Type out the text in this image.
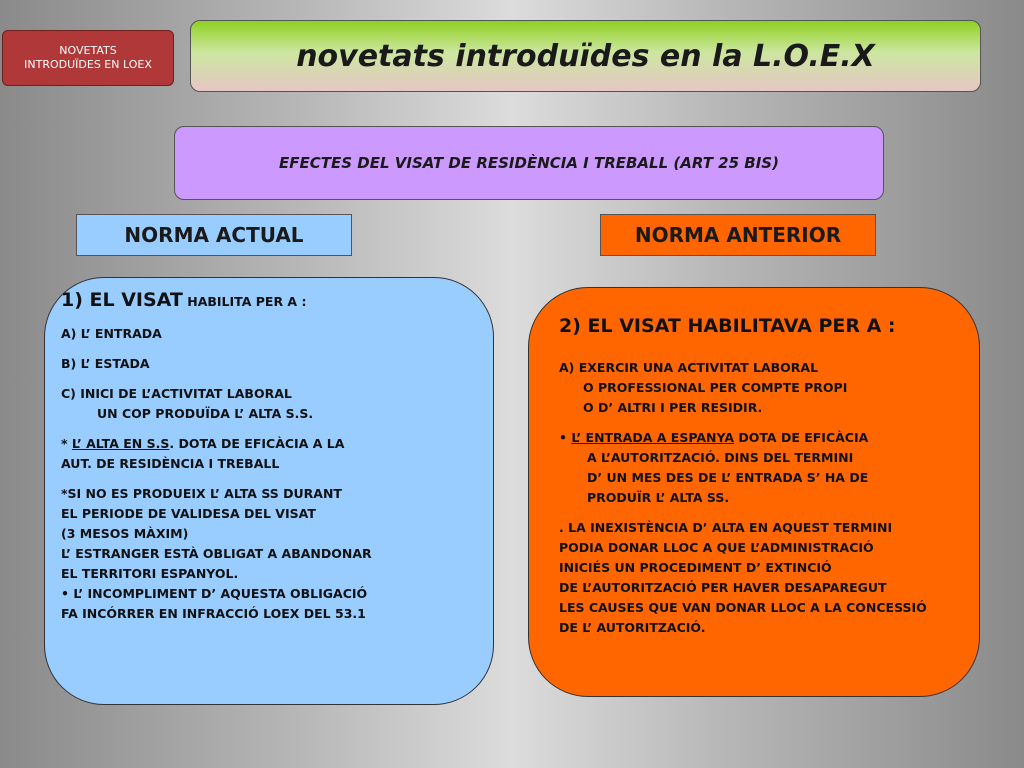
NOVETATS
INTRODUÏDES EN LOEX	novetats introduïdes en la L.O.E.X
EFECTES DEL VISAT DE RESIDÈNCIA I TREBALL (ART 25 BIS)
NORMA ACTUAL	NORMA ANTERIOR
1) EL VISAT HABILITA PER A :
A) L’ ENTRADA
B) L’ ESTADA
C) INICI DE L’ACTIVITAT LABORAL
UN COP PRODUÏDA L’ ALTA S.S.
* L’ ALTA EN S.S. DOTA DE EFICÀCIA A LA
AUT. DE RESIDÈNCIA I TREBALL
*SI NO ES PRODUEIX L’ ALTA SS DURANT
EL PERIODE DE VALIDESA DEL VISAT
(3 MESOS MÀXIM)
L’ ESTRANGER ESTÀ OBLIGAT A ABANDONAR
EL TERRITORI ESPANYOL.
• L’ INCOMPLIMENT D’ AQUESTA OBLIGACIÓ
FA INCÓRRER EN INFRACCIÓ LOEX DEL 53.1
2) EL VISAT HABILITAVA PER A :
A) EXERCIR UNA ACTIVITAT LABORAL
O PROFESSIONAL PER COMPTE PROPI
O D’ ALTRI I PER RESIDIR.
• L’ ENTRADA A ESPANYA DOTA DE EFICÀCIA
A L’AUTORITZACIÓ. DINS DEL TERMINI
D’ UN MES DES DE L’ ENTRADA S’ HA DE
PRODUÏR L’ ALTA SS.
. LA INEXISTÈNCIA D’ ALTA EN AQUEST TERMINI
PODIA DONAR LLOC A QUE L’ADMINISTRACIÓ
INICIÉS UN PROCEDIMENT D’ EXTINCIÓ
DE L’AUTORITZACIÓ PER HAVER DESAPAREGUT
LES CAUSES QUE VAN DONAR LLOC A LA CONCESSIÓ
DE L’ AUTORITZACIÓ.
